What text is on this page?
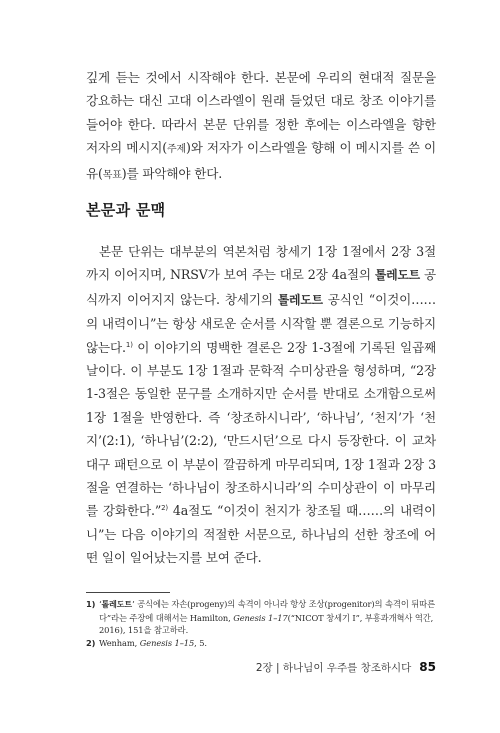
깊게 듣는 것에서 시작해야 한다. 본문에 우리의 현대적 질문을 강요하는 대신 고대 이스라엘이 원래 들었던 대로 창조 이야기를 들어야 한다. 따라서 본문 단위를 정한 후에는 이스라엘을 향한 저자의 메시지(주제)와 저자가 이스라엘을 향해 이 메시지를 쓴 이유(목표)를 파악해야 한다.

본문과 문맥

본문 단위는 대부분의 역본처럼 창세기 1장 1절에서 2장 3절까지 이어지며, NRSV가 보여 주는 대로 2장 4a절의 톨레도트 공식까지 이어지지 않는다. 창세기의 톨레도트 공식인 “이것이……의 내력이니”는 항상 새로운 순서를 시작할 뿐 결론으로 기능하지 않는다.$^{1)}$ 이 이야기의 명백한 결론은 2장 1-3절에 기록된 일곱째 날이다. 이 부분도 1장 1절과 문학적 수미상관을 형성하며, “2장 1-3절은 동일한 문구를 소개하지만 순서를 반대로 소개함으로써 1장 1절을 반영한다. 즉 ‘창조하시니라’, ‘하나님’, ‘천지’가 ‘천지’(2:1), ‘하나님’(2:2), ‘만드시던’으로 다시 등장한다. 이 교차대구 패턴으로 이 부분이 깔끔하게 마무리되며, 1장 1절과 2장 3절을 연결하는 ‘하나님이 창조하시니라’의 수미상관이 이 마무리를 강화한다.”$^{2)}$ 4a절도 “이것이 천지가 창조될 때……의 내력이니”는 다음 이야기의 적절한 서문으로, 하나님의 선한 창조에 어떤 일이 일어났는지를 보여 준다.

1) ‘톨레도트’ 공식에는 자손(progeny)의 속격이 아니라 항상 조상(progenitor)의 속격이 뒤따른다”라는 주장에 대해서는 Hamilton, Genesis 1–17(“NICOT 창세기 I”, 부흥과개혁사 역간, 2016), 151을 참고하라.
2) Wenham, Genesis 1–15, 5.
2장 | 하나님이 우주를 창조하시다 85
